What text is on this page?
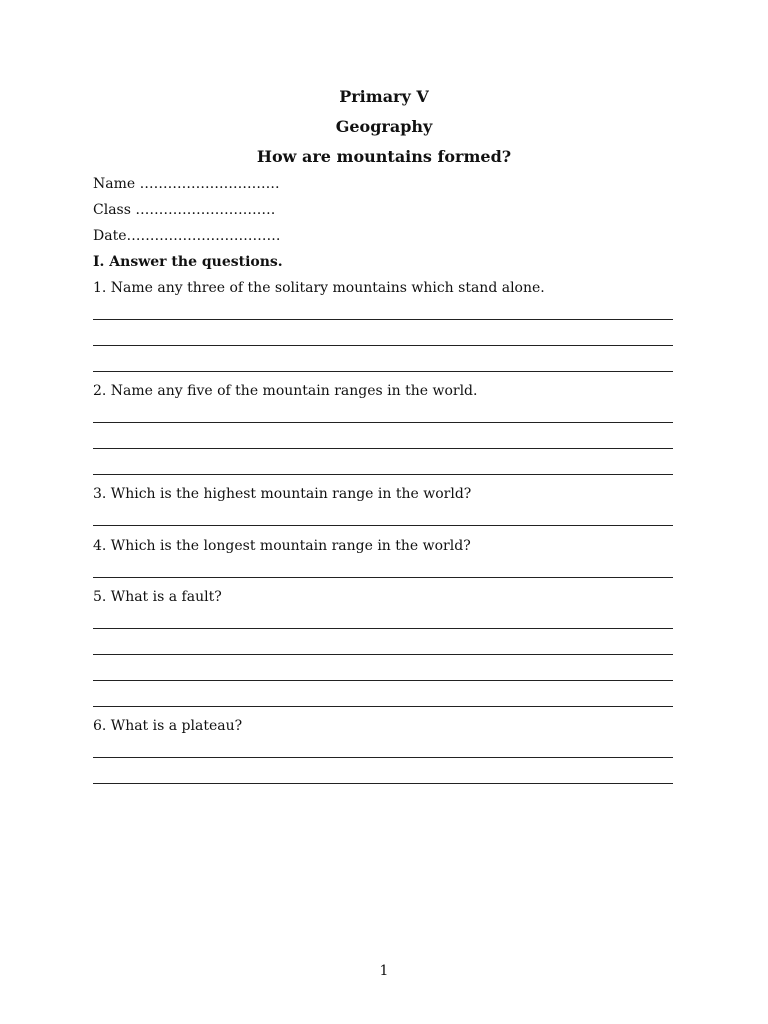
Primary V
Geography
How are mountains formed?
Name …………………………
Class …………………………
Date……………………………
I. Answer the questions.
1. Name any three of the solitary mountains which stand alone.
2. Name any five of the mountain ranges in the world.
3. Which is the highest mountain range in the world?
4. Which is the longest mountain range in the world?
5. What is a fault?
6. What is a plateau?
1
